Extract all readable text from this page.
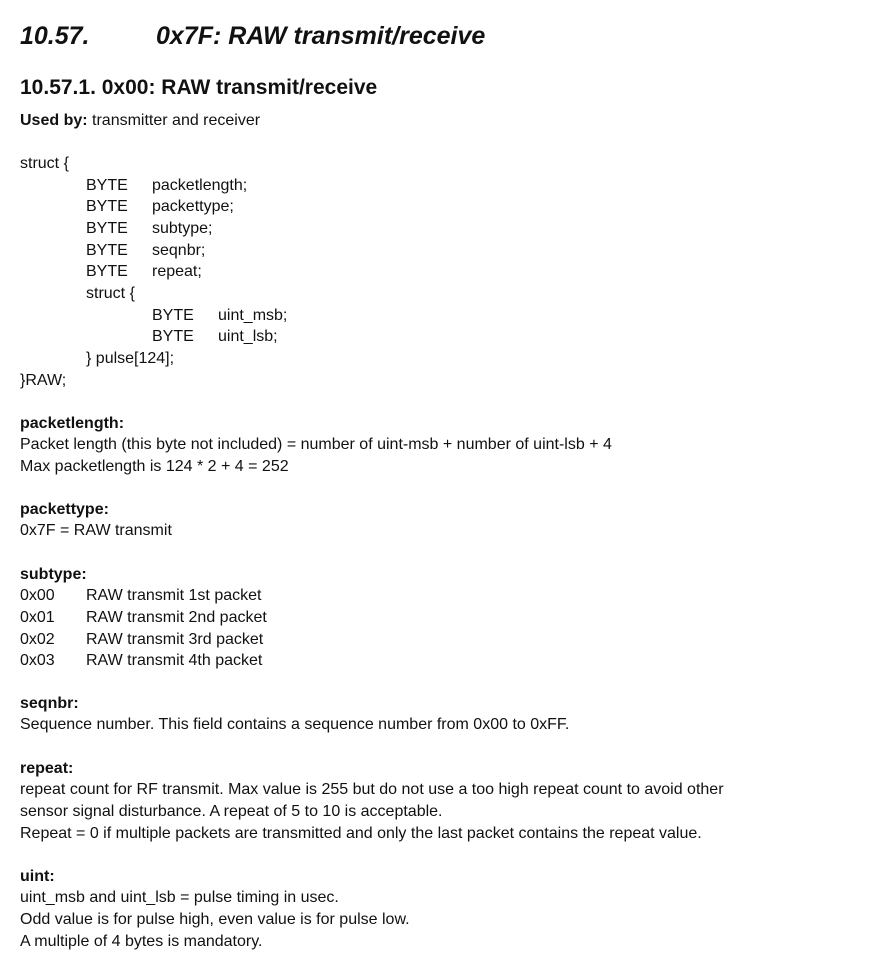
10.57.	0x7F: RAW transmit/receive
10.57.1. 0x00: RAW transmit/receive
Used by: transmitter and receiver
struct {
BYTE packetlength;
BYTE packettype;
BYTE subtype;
BYTE seqnbr;
BYTE repeat;
struct {
BYTE uint_msb;
BYTE uint_lsb;
} pulse[124];
}RAW;
packetlength:
Packet length (this byte not included) = number of uint-msb + number of uint-lsb + 4
Max packetlength is 124 * 2 + 4 = 252
packettype:
0x7F = RAW transmit
subtype:
0x00 RAW transmit 1st packet
0x01 RAW transmit 2nd packet
0x02 RAW transmit 3rd packet
0x03 RAW transmit 4th packet
seqnbr:
Sequence number. This field contains a sequence number from 0x00 to 0xFF.
repeat:
repeat count for RF transmit. Max value is 255 but do not use a too high repeat count to avoid other
sensor signal disturbance. A repeat of 5 to 10 is acceptable.
Repeat = 0 if multiple packets are transmitted and only the last packet contains the repeat value.
uint:
uint_msb and uint_lsb = pulse timing in usec.
Odd value is for pulse high, even value is for pulse low.
A multiple of 4 bytes is mandatory.
